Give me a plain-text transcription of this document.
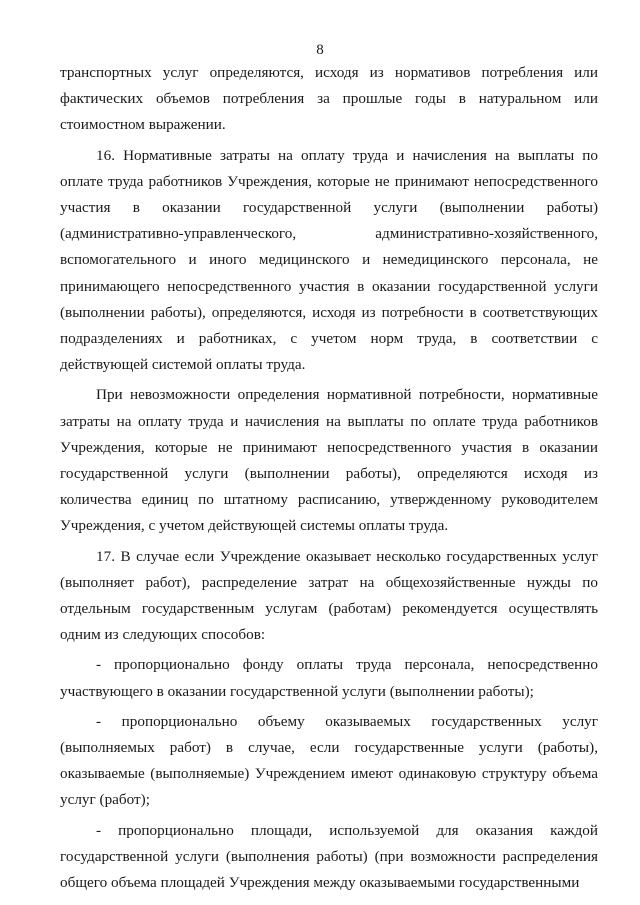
8

транспортных услуг определяются, исходя из нормативов потребления или фактических объемов потребления за прошлые годы в натуральном или стоимостном выражении.

16. Нормативные затраты на оплату труда и начисления на выплаты по оплате труда работников Учреждения, которые не принимают непосредственного участия в оказании государственной услуги (выполнении работы) (административно-управленческого, административно-хозяйственного, вспомогательного и иного медицинского и немедицинского персонала, не принимающего непосредственного участия в оказании государственной услуги (выполнении работы), определяются, исходя из потребности в соответствующих подразделениях и работниках, с учетом норм труда, в соответствии с действующей системой оплаты труда.

При невозможности определения нормативной потребности, нормативные затраты на оплату труда и начисления на выплаты по оплате труда работников Учреждения, которые не принимают непосредственного участия в оказании государственной услуги (выполнении работы), определяются исходя из количества единиц по штатному расписанию, утвержденному руководителем Учреждения, с учетом действующей системы оплаты труда.

17. В случае если Учреждение оказывает несколько государственных услуг (выполняет работ), распределение затрат на общехозяйственные нужды по отдельным государственным услугам (работам) рекомендуется осуществлять одним из следующих способов:

- пропорционально фонду оплаты труда персонала, непосредственно участвующего в оказании государственной услуги (выполнении работы);

- пропорционально объему оказываемых государственных услуг (выполняемых работ) в случае, если государственные услуги (работы), оказываемые (выполняемые) Учреждением имеют одинаковую структуру объема услуг (работ);

- пропорционально площади, используемой для оказания каждой государственной услуги (выполнения работы) (при возможности распределения общего объема площадей Учреждения между оказываемыми государственными
